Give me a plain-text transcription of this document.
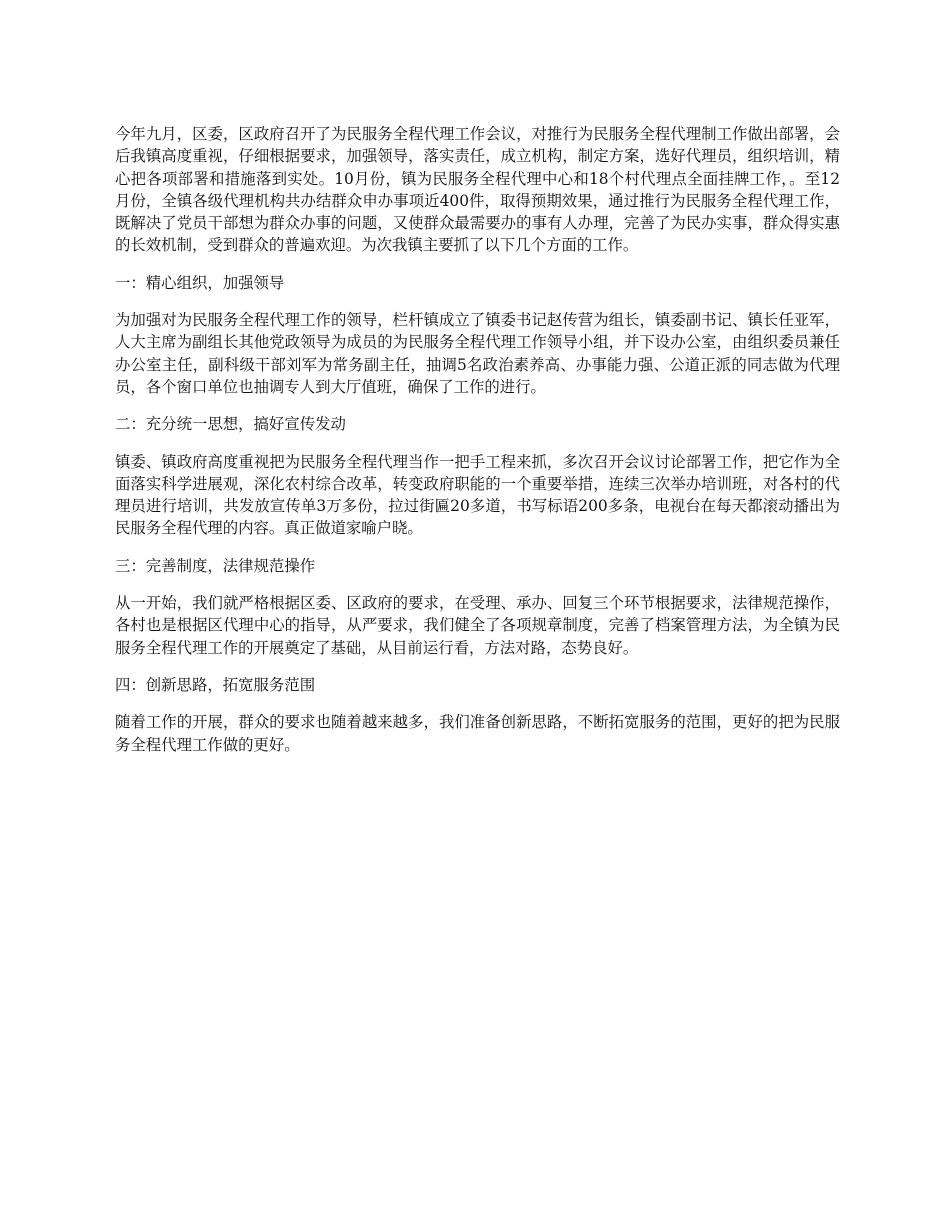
今年九月，区委，区政府召开了为民服务全程代理工作会议，对推行为民服务全程代理制工作做出部署，会后我镇高度重视，仔细根据要求，加强领导，落实责任，成立机构，制定方案，选好代理员，组织培训，精心把各项部署和措施落到实处。10月份，镇为民服务全程代理中心和18个村代理点全面挂牌工作，。至12月份，全镇各级代理机构共办结群众申办事项近400件，取得预期效果，通过推行为民服务全程代理工作，既解决了党员干部想为群众办事的问题，又使群众最需要办的事有人办理，完善了为民办实事，群众得实惠的长效机制，受到群众的普遍欢迎。为次我镇主要抓了以下几个方面的工作。

一：精心组织，加强领导

为加强对为民服务全程代理工作的领导，栏杆镇成立了镇委书记赵传营为组长，镇委副书记、镇长任亚军，人大主席为副组长其他党政领导为成员的为民服务全程代理工作领导小组，并下设办公室，由组织委员兼任办公室主任，副科级干部刘军为常务副主任，抽调5名政治素养高、办事能力强、公道正派的同志做为代理员，各个窗口单位也抽调专人到大厅值班，确保了工作的进行。

二：充分统一思想，搞好宣传发动

镇委、镇政府高度重视把为民服务全程代理当作一把手工程来抓，多次召开会议讨论部署工作，把它作为全面落实科学进展观，深化农村综合改革，转变政府职能的一个重要举措，连续三次举办培训班，对各村的代理员进行培训，共发放宣传单3万多份，拉过街匾20多道，书写标语200多条，电视台在每天都滚动播出为民服务全程代理的内容。真正做道家喻户晓。

三：完善制度，法律规范操作

从一开始，我们就严格根据区委、区政府的要求，在受理、承办、回复三个环节根据要求，法律规范操作，各村也是根据区代理中心的指导，从严要求，我们健全了各项规章制度，完善了档案管理方法，为全镇为民服务全程代理工作的开展奠定了基础，从目前运行看，方法对路，态势良好。

四：创新思路，拓宽服务范围

随着工作的开展，群众的要求也随着越来越多，我们准备创新思路，不断拓宽服务的范围，更好的把为民服务全程代理工作做的更好。
